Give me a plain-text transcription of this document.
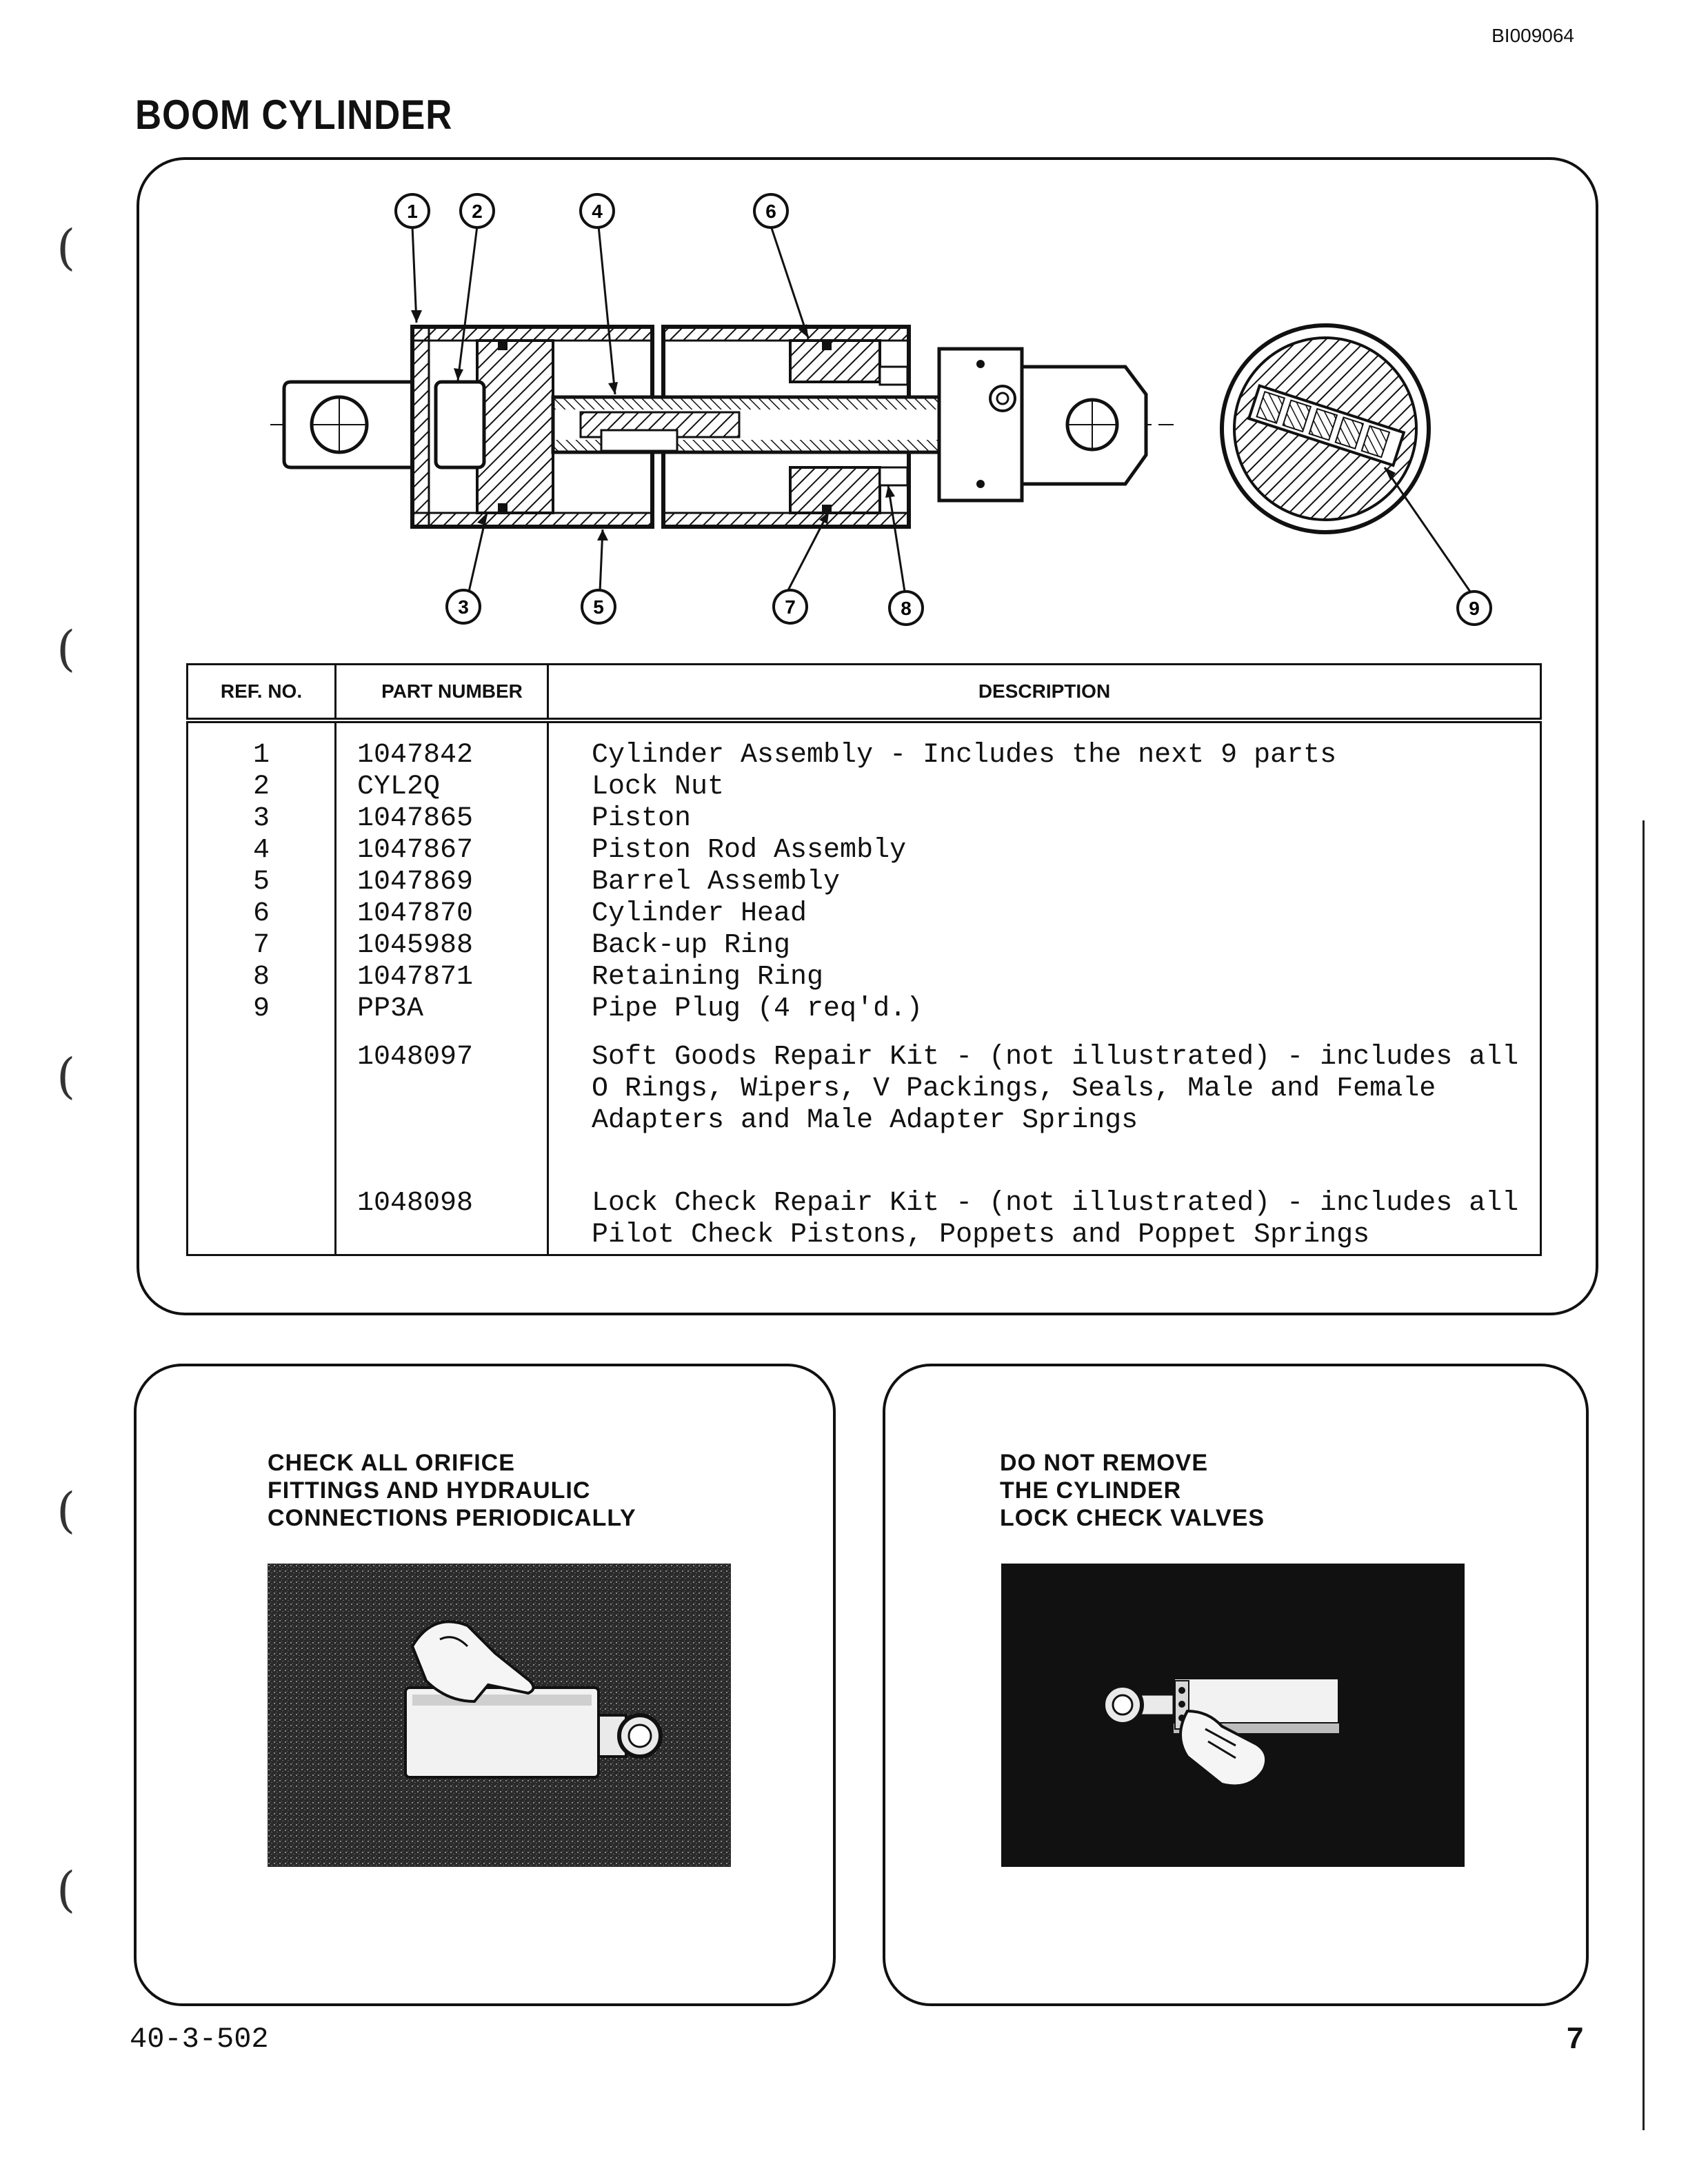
BI009064
BOOM CYLINDER
(
(
(
(
(
1	2	4	6
3	5	7	8	9
REF. NO.	PART NUMBER	DESCRIPTION

1	1047842	Cylinder Assembly - Includes the next 9 parts
2	CYL2Q	Lock Nut
3	1047865	Piston
4	1047867	Piston Rod Assembly
5	1047869	Barrel Assembly
6	1047870	Cylinder Head
7	1045988	Back-up Ring
8	1047871	Retaining Ring
9	PP3A	Pipe Plug (4 req'd.)

	1048097	Soft Goods Repair Kit - (not illustrated) - includes all
O Rings, Wipers, V Packings, Seals, Male and Female
Adapters and Male Adapter Springs

	1048098	Lock Check Repair Kit - (not illustrated) - includes all
Pilot Check Pistons, Poppets and Poppet Springs
CHECK ALL ORIFICE
FITTINGS AND HYDRAULIC
CONNECTIONS PERIODICALLY
DO NOT REMOVE
THE CYLINDER
LOCK CHECK VALVES
40-3-502	7
